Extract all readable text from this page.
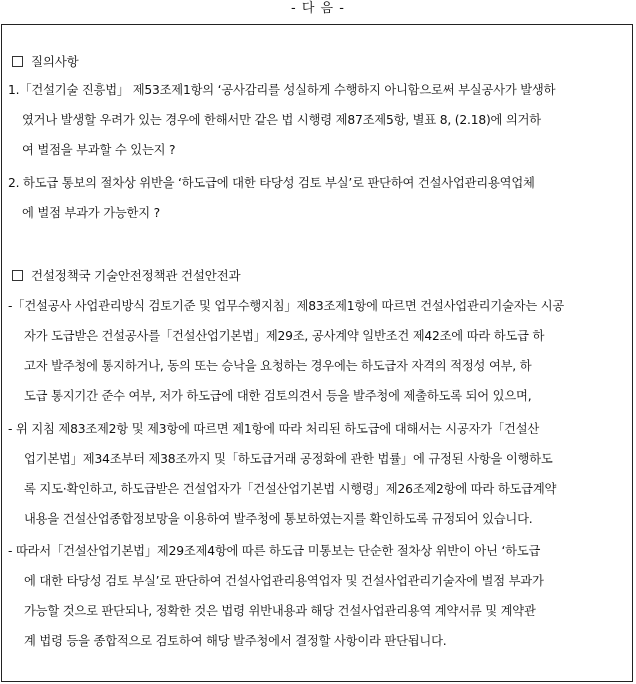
- 다 음 -
질의사항
1.「건설기술 진흥법」 제53조제1항의 ‘공사감리를 성실하게 수행하지 아니함으로써 부실공사가 발생하
였거나 발생할 우려가 있는 경우에 한해서만 같은 법 시행령 제87조제5항, 별표 8, (2.18)에 의거하
여 벌점을 부과할 수 있는지 ?
2. 하도급 통보의 절차상 위반을 ‘하도급에 대한 타당성 검토 부실’로 판단하여 건설사업관리용역업체
에 벌점 부과가 가능한지 ?
건설정책국 기술안전정책관 건설안전과
-「건설공사 사업관리방식 검토기준 및 업무수행지침」제83조제1항에 따르면 건설사업관리기술자는 시공
자가 도급받은 건설공사를「건설산업기본법」제29조, 공사계약 일반조건 제42조에 따라 하도급 하
고자 발주청에 통지하거나, 동의 또는 승낙을 요청하는 경우에는 하도급자 자격의 적정성 여부, 하
도급 통지기간 준수 여부, 저가 하도급에 대한 검토의견서 등을 발주청에 제출하도록 되어 있으며,
- 위 지침 제83조제2항 및 제3항에 따르면 제1항에 따라 처리된 하도급에 대해서는 시공자가「건설산
업기본법」제34조부터 제38조까지 및「하도급거래 공정화에 관한 법률」에 규정된 사항을 이행하도
록 지도·확인하고, 하도급받은 건설업자가「건설산업기본법 시행령」제26조제2항에 따라 하도급계약
내용을 건설산업종합정보망을 이용하여 발주청에 통보하였는지를 확인하도록 규정되어 있습니다.
- 따라서「건설산업기본법」제29조제4항에 따른 하도급 미통보는 단순한 절차상 위반이 아닌 ‘하도급
에 대한 타당성 검토 부실’로 판단하여 건설사업관리용역업자 및 건설사업관리기술자에 벌점 부과가
가능할 것으로 판단되나, 정확한 것은 법령 위반내용과 해당 건설사업관리용역 계약서류 및 계약관
계 법령 등을 종합적으로 검토하여 해당 발주청에서 결정할 사항이라 판단됩니다.
